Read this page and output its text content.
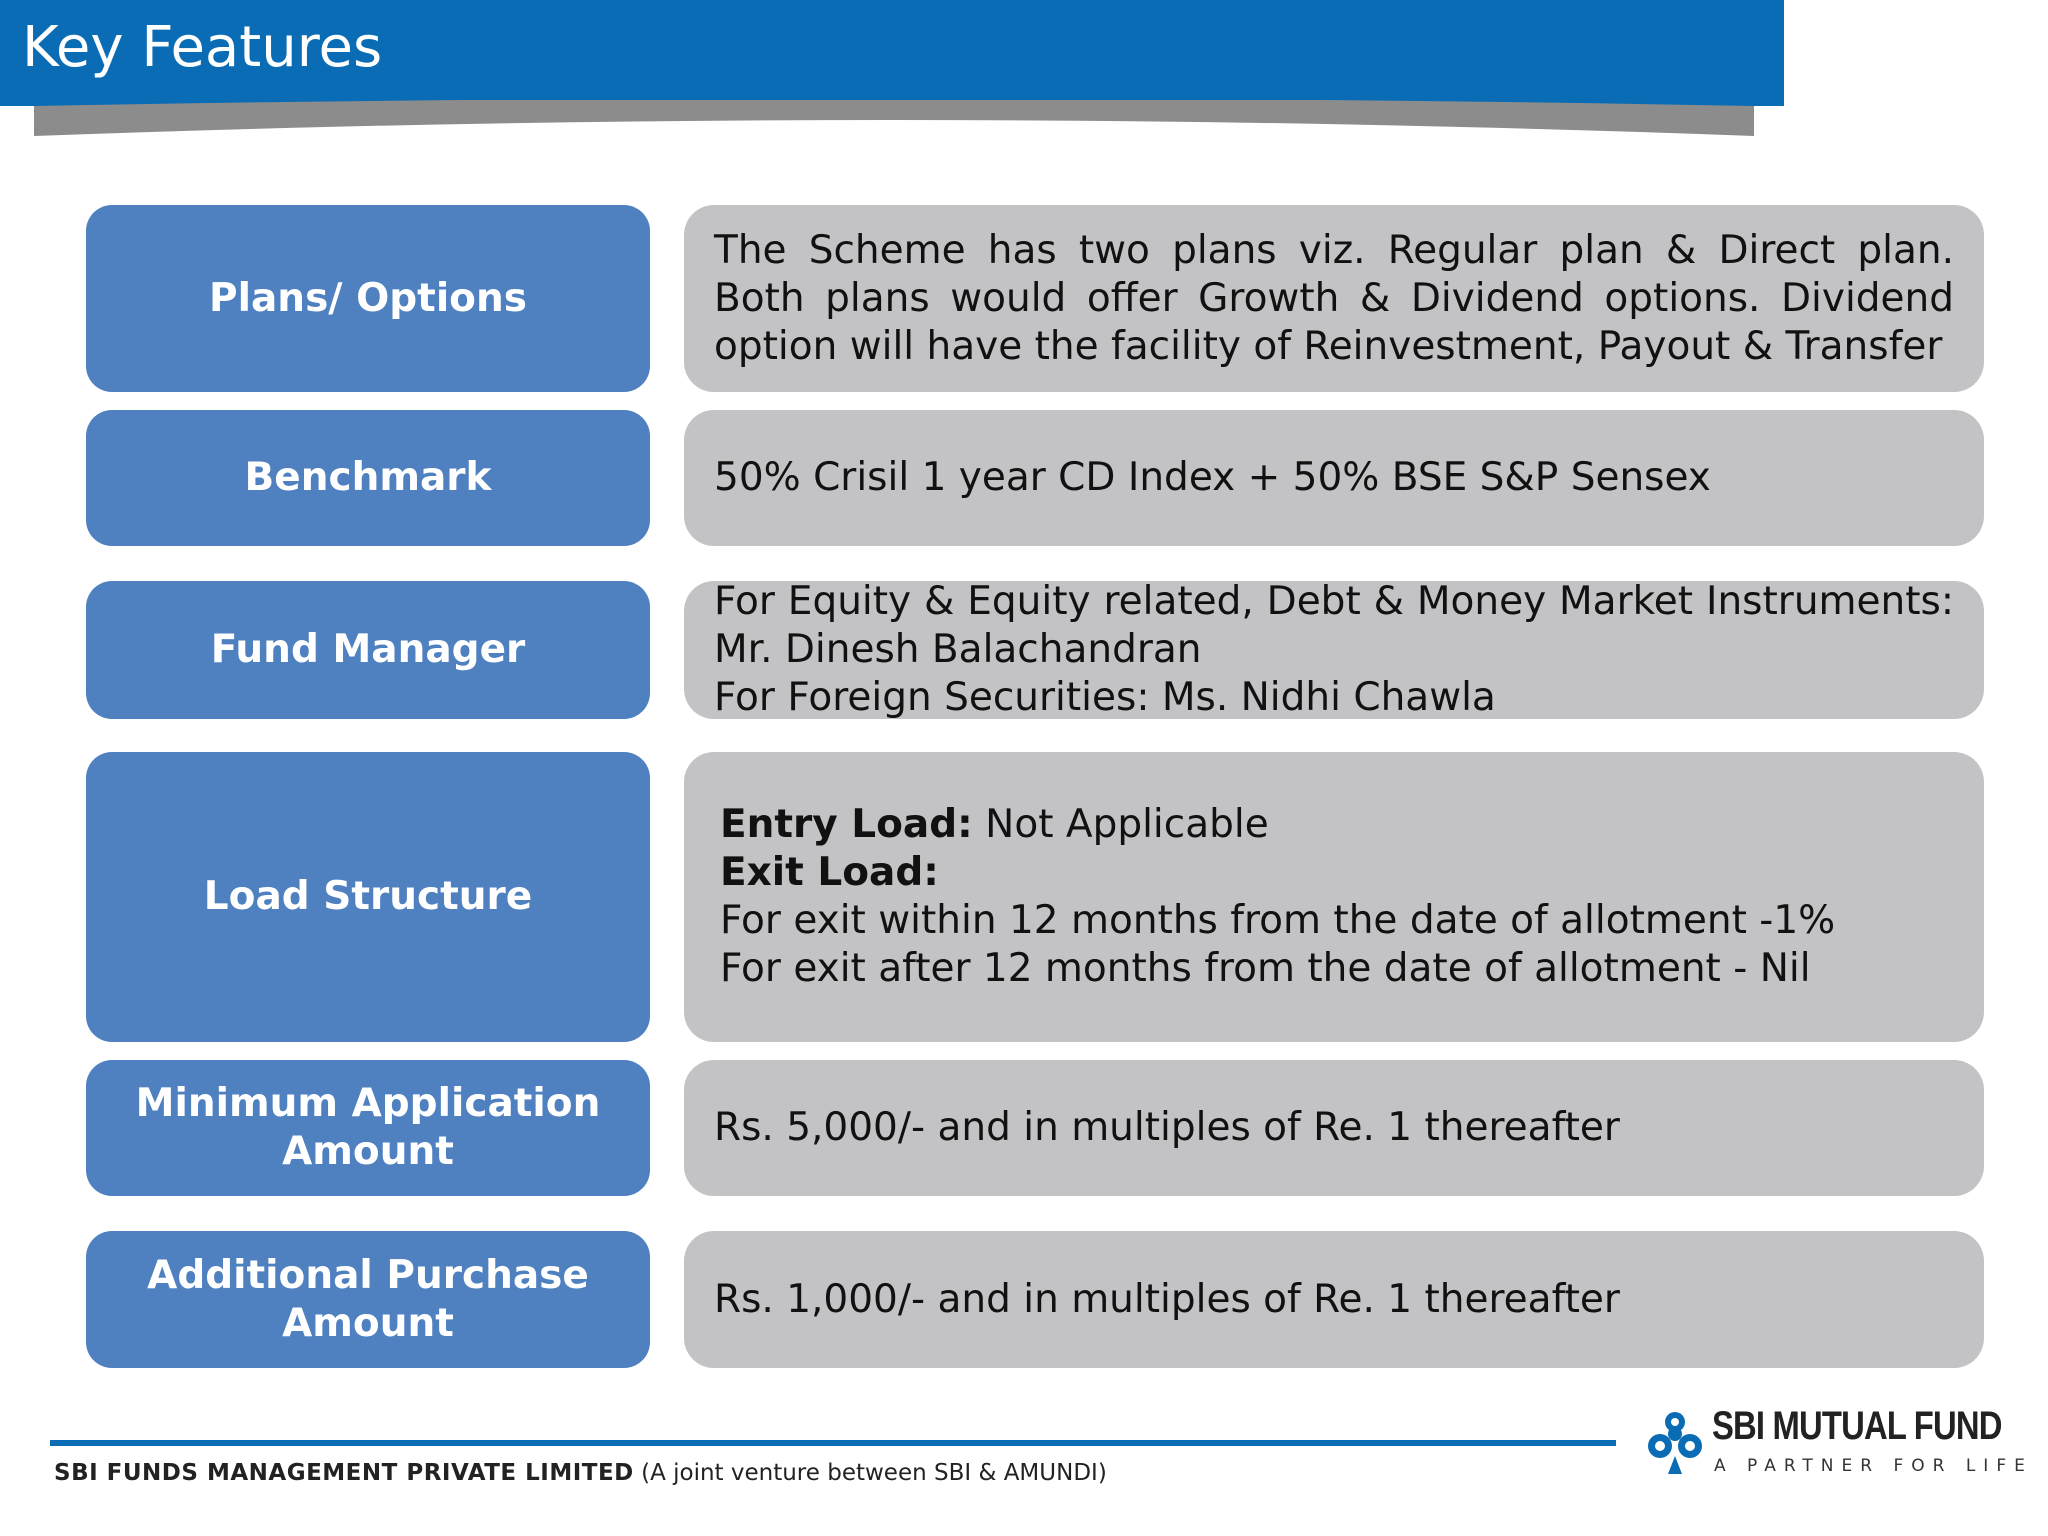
Key Features
Plans/ Options
The Scheme has two plans viz. Regular plan & Direct plan. Both plans would offer Growth & Dividend options. Dividend option will have the facility of Reinvestment, Payout & Transfer
Benchmark	50% Crisil 1 year CD Index + 50% BSE S&P Sensex
Fund Manager
For Equity & Equity related, Debt & Money Market Instruments: Mr. Dinesh Balachandran
For Foreign Securities: Ms. Nidhi Chawla
Load Structure
Entry Load: Not Applicable
Exit Load:
For exit within 12 months from the date of allotment -1%
For exit after 12 months from the date of allotment - Nil
Minimum Application
Amount
Rs. 5,000/- and in multiples of Re. 1 thereafter
Additional Purchase
Amount
Rs. 1,000/- and in multiples of Re. 1 thereafter
SBI FUNDS MANAGEMENT PRIVATE LIMITED (A joint venture between SBI & AMUNDI)
SBI MUTUAL FUND
A PARTNER FOR LIFE
